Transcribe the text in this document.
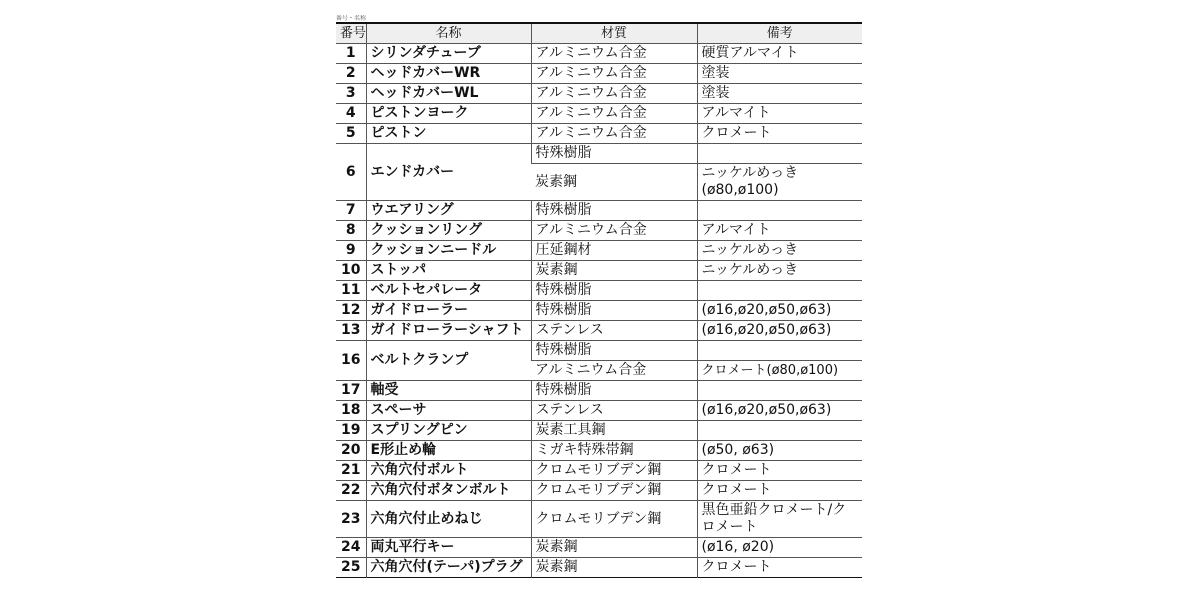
番号・名称
番号	名称	材質	備考
1	シリンダチューブ	アルミニウム合金	硬質アルマイト
2	ヘッドカバーWR	アルミニウム合金	塗装
3	ヘッドカバーWL	アルミニウム合金	塗装
4	ピストンヨーク	アルミニウム合金	アルマイト
5	ピストン	アルミニウム合金	クロメート
6	エンドカバー	特殊樹脂	
		炭素鋼	ニッケルめっき(ø80,ø100)
7	ウエアリング	特殊樹脂	
8	クッションリング	アルミニウム合金	アルマイト
9	クッションニードル	圧延鋼材	ニッケルめっき
10	ストッパ	炭素鋼	ニッケルめっき
11	ベルトセパレータ	特殊樹脂	
12	ガイドローラー	特殊樹脂	(ø16,ø20,ø50,ø63)
13	ガイドローラーシャフト	ステンレス	(ø16,ø20,ø50,ø63)
16	ベルトクランプ	特殊樹脂	
		アルミニウム合金	クロメート(ø80,ø100)
17	軸受	特殊樹脂	
18	スペーサ	ステンレス	(ø16,ø20,ø50,ø63)
19	スプリングピン	炭素工具鋼	
20	E形止め輪	ミガキ特殊帯鋼	(ø50, ø63)
21	六角穴付ボルト	クロムモリブデン鋼	クロメート
22	六角穴付ボタンボルト	クロムモリブデン鋼	クロメート
23	六角穴付止めねじ	クロムモリブデン鋼	黒色亜鉛クロメート/クロメート
24	両丸平行キー	炭素鋼	(ø16, ø20)
25	六角穴付(テーパ)プラグ	炭素鋼	クロメート
